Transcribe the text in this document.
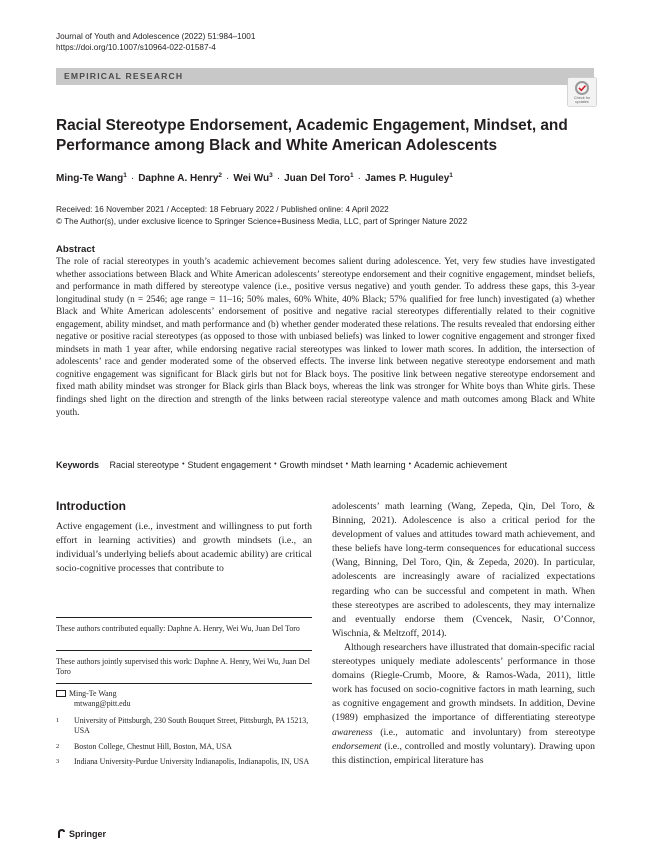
Journal of Youth and Adolescence (2022) 51:984–1001
https://doi.org/10.1007/s10964-022-01587-4
EMPIRICAL RESEARCH
Check for updates
Racial Stereotype Endorsement, Academic Engagement, Mindset, and Performance among Black and White American Adolescents
Ming-Te Wang$^1$ · Daphne A. Henry$^2$ · Wei $Wu^3$ · Juan Del Toro$^1$ · James P. Huguley$^1$
Received: 16 November 2021 / Accepted: 18 February 2022 / Published online: 4 April 2022
© The Author(s), under exclusive licence to Springer Science+Business Media, LLC, part of Springer Nature 2022
Abstract
The role of racial stereotypes in youth’s academic achievement becomes salient during adolescence. Yet, very few studies have investigated whether associations between Black and White American adolescents’ stereotype endorsement and their cognitive engagement, mindset beliefs, and performance in math differed by stereotype valence (i.e., positive versus negative) and youth gender. To address these gaps, this 3-year longitudinal study (n = 2546; age range = 11–16; 50% males, 60% White, 40% Black; 57% qualified for free lunch) investigated (a) whether Black and White American adolescents’ endorsement of positive and negative racial stereotypes differentially related to their cognitive engagement, ability mindset, and math performance and (b) whether gender moderated these relations. The results revealed that endorsing either negative or positive racial stereotypes (as opposed to those with unbiased beliefs) was linked to lower cognitive engagement and stronger fixed mindsets in math 1 year after, while endorsing negative racial stereotypes was linked to lower math scores. In addition, the intersection of adolescents’ race and gender moderated some of the observed effects. The inverse link between negative stereotype endorsement and math cognitive engagement was significant for Black girls but not for Black boys. The positive link between negative stereotype endorsement and fixed math ability mindset was stronger for Black girls than Black boys, whereas the link was stronger for White boys than White girls. These findings shed light on the direction and strength of the links between racial stereotype valence and math outcomes among Black and White youth.
Keywords Racial stereotype • Student engagement • Growth mindset • Math learning • Academic achievement
Introduction
Active engagement (i.e., investment and willingness to put forth effort in learning activities) and growth mindsets (i.e., an individual’s underlying beliefs about academic ability) are critical socio-cognitive processes that contribute to
These authors contributed equally: Daphne A. Henry, Wei Wu, Juan Del Toro
These authors jointly supervised this work: Daphne A. Henry, Wei Wu, Juan Del Toro
Ming-Te Wang
mtwang@pitt.edu
1 University of Pittsburgh, 230 South Bouquet Street, Pittsburgh, PA 15213, USA
2 Boston College, Chestnut Hill, Boston, MA, USA
3 Indiana University-Purdue University Indianapolis, Indianapolis, IN, USA
Springer

adolescents’ math learning (Wang, Zepeda, Qin, Del Toro, & Binning, 2021). Adolescence is also a critical period for the development of values and attitudes toward math achievement, and these beliefs have long-term consequences for educational success (Wang, Binning, Del Toro, Qin, & Zepeda, 2020). In particular, adolescents are increasingly aware of racialized expectations regarding who can be successful and competent in math. When these stereotypes are ascribed to adolescents, they may internalize and eventually endorse them (Cvencek, Nasir, O’Connor, Wischnia, & Meltzoff, 2014).

Although researchers have illustrated that domain-specific racial stereotypes uniquely mediate adolescents’ performance in those domains (Riegle-Crumb, Moore, & Ramos-Wada, 2011), little work has focused on socio-cognitive factors in math learning, such as cognitive engagement and growth mindsets. In addition, Devine (1989) emphasized the importance of differentiating stereotype awareness (i.e., automatic and involuntary) from stereotype endorsement (i.e., controlled and mostly voluntary). Drawing upon this distinction, empirical literature has
